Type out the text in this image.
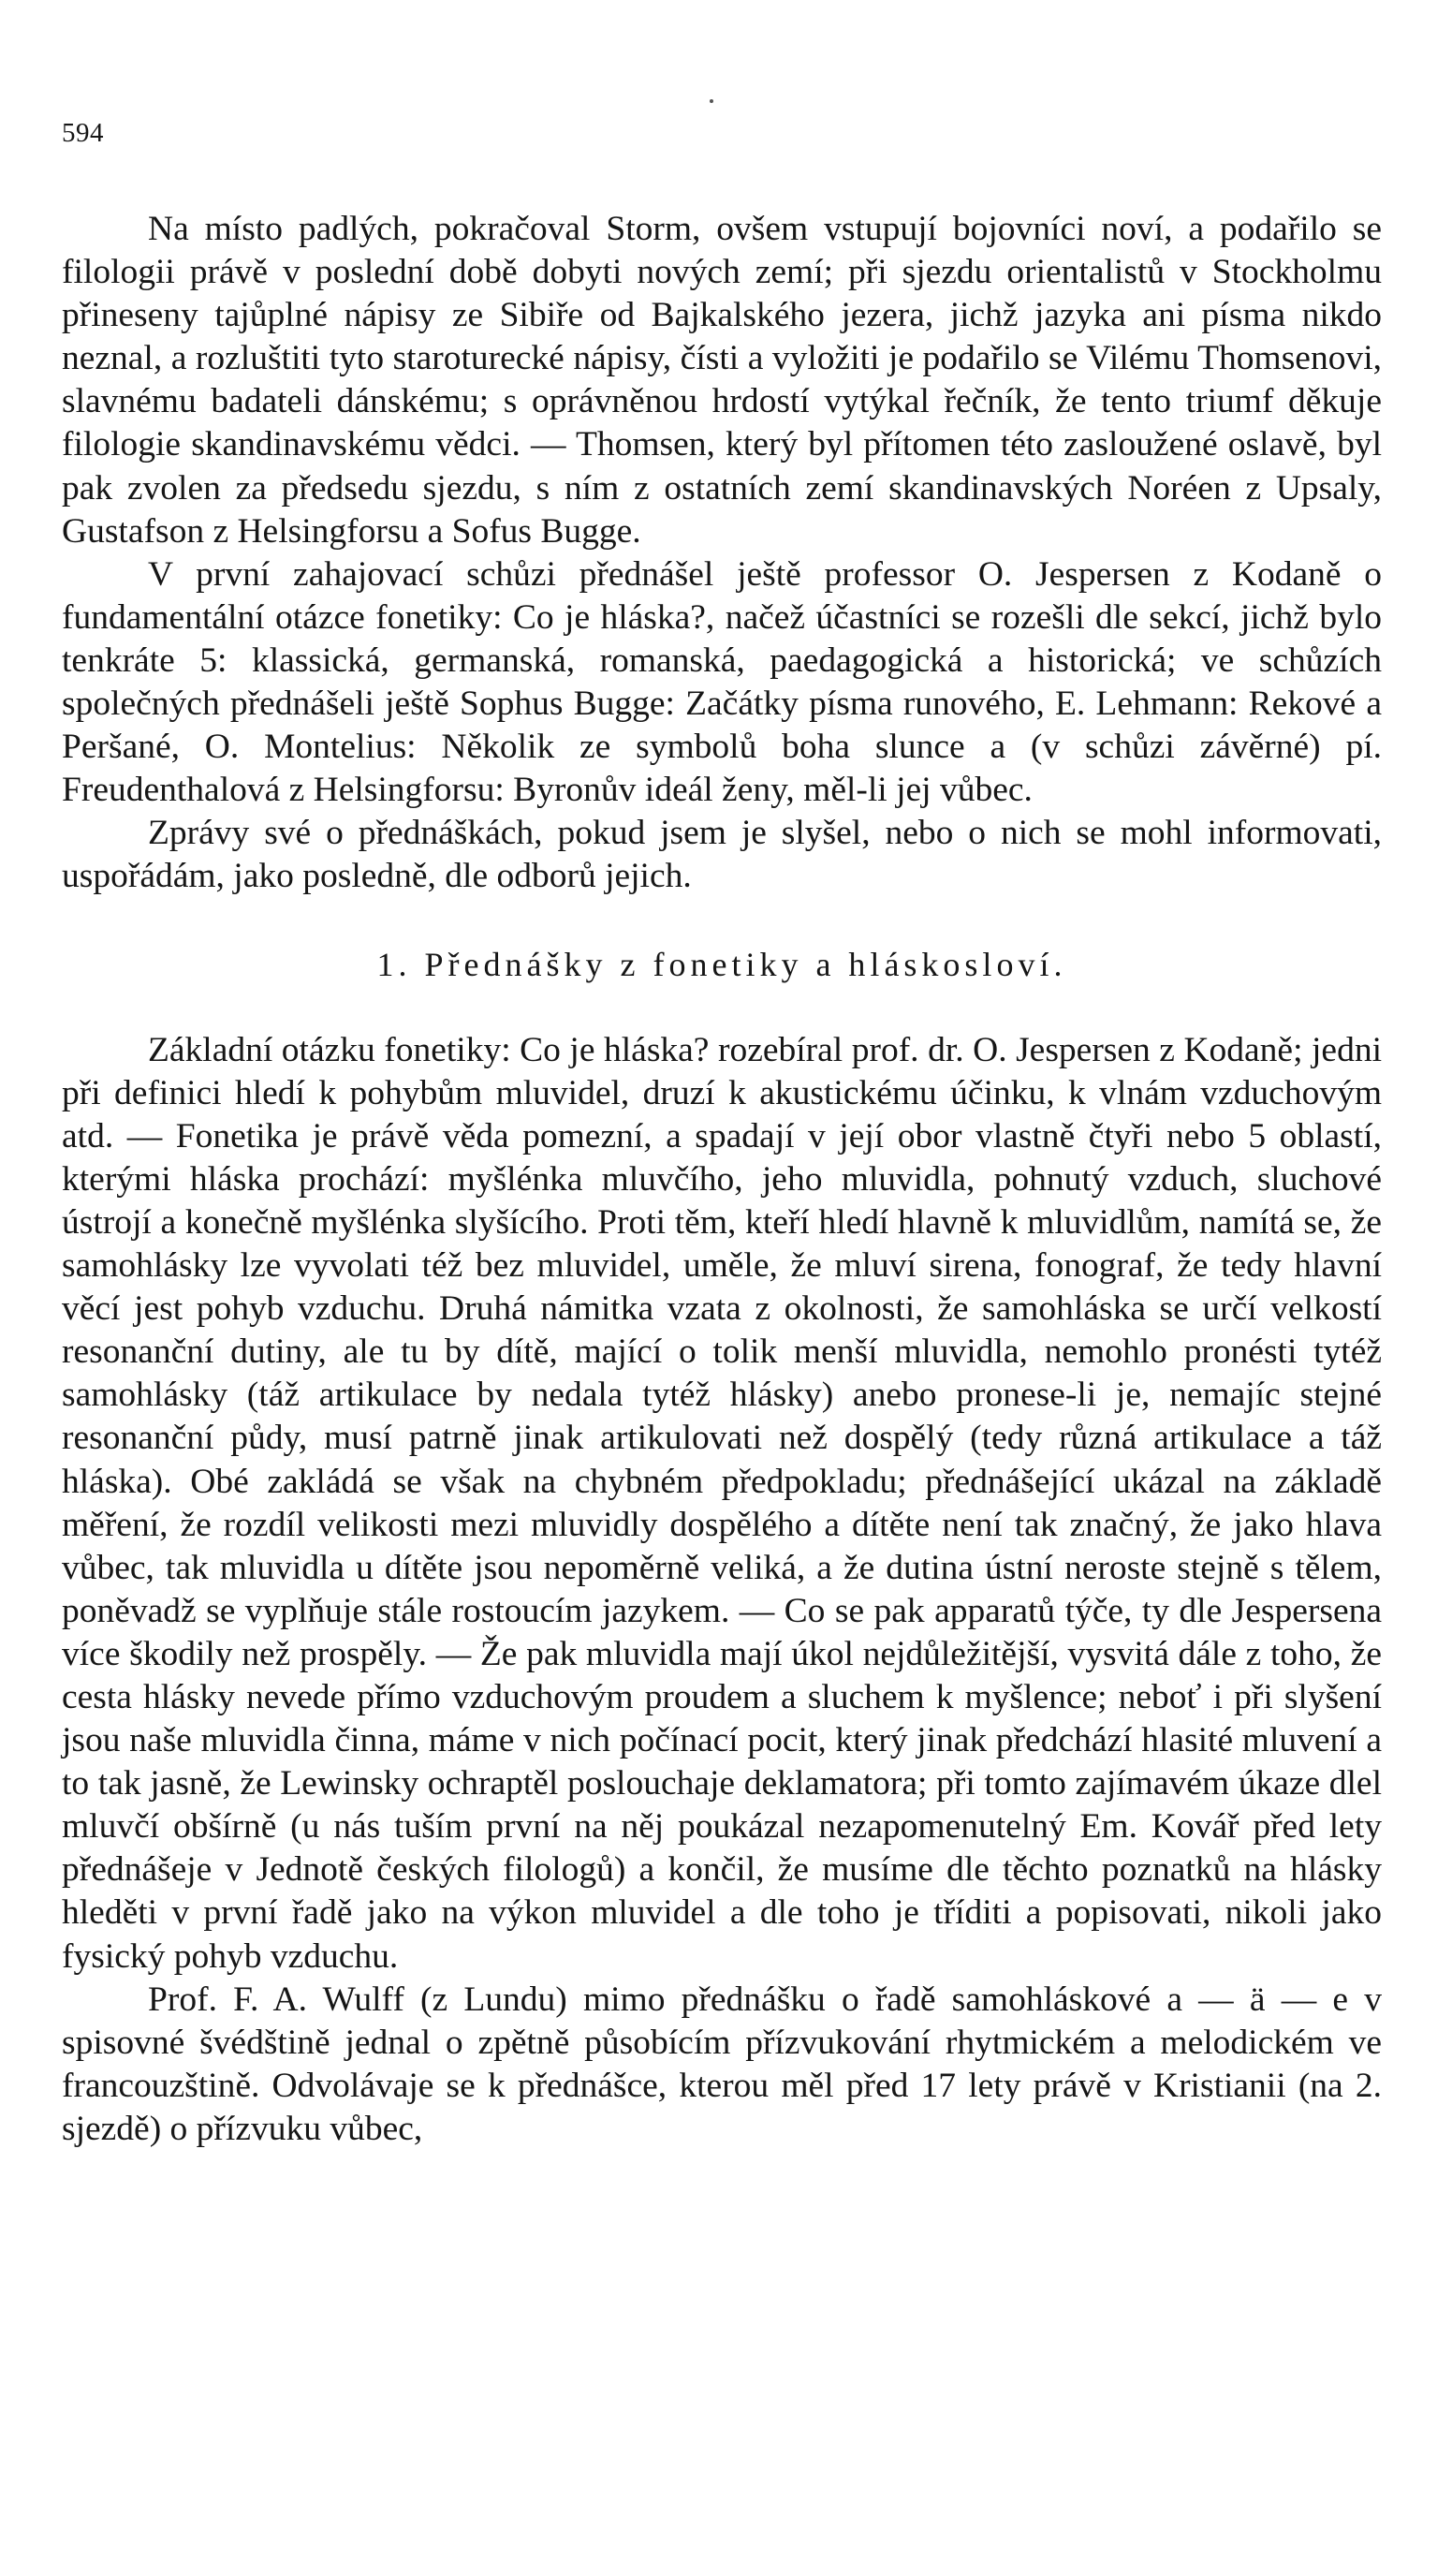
594

Na místo padlých, pokračoval Storm, ovšem vstupují bojovníci noví, a podařilo se filologii právě v poslední době dobyti nových zemí; při sjezdu orientalistů v Stockholmu přineseny tajůplné nápisy ze Sibiře od Bajkalského jezera, jichž jazyka ani písma nikdo neznal, a rozluštiti tyto staroturecké nápisy, čísti a vyložiti je podařilo se Vilému Thomsenovi, slavnému badateli dánskému; s oprávněnou hrdostí vytýkal řečník, že tento triumf děkuje filologie skandinavskému vědci. — Thomsen, který byl přítomen této zasloužené oslavě, byl pak zvolen za předsedu sjezdu, s ním z ostatních zemí skandinavských Noréen z Upsaly, Gustafson z Helsingforsu a Sofus Bugge.

V první zahajovací schůzi přednášel ještě professor O. Jespersen z Kodaně o fundamentální otázce fonetiky: Co je hláska?, načež účastníci se rozešli dle sekcí, jichž bylo tenkráte 5: klassická, germanská, romanská, paedagogická a historická; ve schůzích společných přednášeli ještě Sophus Bugge: Začátky písma runového, E. Lehmann: Rekové a Peršané, O. Montelius: Několik ze symbolů boha slunce a (v schůzi závěrné) pí. Freudenthalová z Helsingforsu: Byronův ideál ženy, měl-li jej vůbec.

Zprávy své o přednáškách, pokud jsem je slyšel, nebo o nich se mohl informovati, uspořádám, jako posledně, dle odborů jejich.

1. Přednášky z fonetiky a hláskosloví.

Základní otázku fonetiky: Co je hláska? rozebíral prof. dr. O. Jespersen z Kodaně; jedni při definici hledí k pohybům mluvidel, druzí k akustickému účinku, k vlnám vzduchovým atd. — Fonetika je právě věda pomezní, a spadají v její obor vlastně čtyři nebo 5 oblastí, kterými hláska prochází: myšlénka mluvčího, jeho mluvidla, pohnutý vzduch, sluchové ústrojí a konečně myšlénka slyšícího. Proti těm, kteří hledí hlavně k mluvidlům, namítá se, že samohlásky lze vyvolati též bez mluvidel, uměle, že mluví sirena, fonograf, že tedy hlavní věcí jest pohyb vzduchu. Druhá námitka vzata z okolnosti, že samohláska se určí velkostí resonanční dutiny, ale tu by dítě, mající o tolik menší mluvidla, nemohlo pronésti tytéž samohlásky (táž artikulace by nedala tytéž hlásky) anebo pronese-li je, nemajíc stejné resonanční půdy, musí patrně jinak artikulovati než dospělý (tedy různá artikulace a táž hláska). Obé zakládá se však na chybném předpokladu; přednášející ukázal na základě měření, že rozdíl velikosti mezi mluvidly dospělého a dítěte není tak značný, že jako hlava vůbec, tak mluvidla u dítěte jsou nepoměrně veliká, a že dutina ústní neroste stejně s tělem, poněvadž se vyplňuje stále rostoucím jazykem. — Co se pak apparatů týče, ty dle Jespersena více škodily než prospěly. — Že pak mluvidla mají úkol nejdůležitější, vysvitá dále z toho, že cesta hlásky nevede přímo vzduchovým proudem a sluchem k myšlence; neboť i při slyšení jsou naše mluvidla činna, máme v nich počínací pocit, který jinak předchází hlasité mluvení a to tak jasně, že Lewinsky ochraptěl poslouchaje deklamatora; při tomto zajímavém úkaze dlel mluvčí obšírně (u nás tuším první na něj poukázal nezapomenutelný Em. Kovář před lety přednášeje v Jednotě českých filologů) a končil, že musíme dle těchto poznatků na hlásky hleděti v první řadě jako na výkon mluvidel a dle toho je tříditi a popisovati, nikoli jako fysický pohyb vzduchu.

Prof. F. A. Wulff (z Lundu) mimo přednášku o řadě samohláskové a — ä — e v spisovné švédštině jednal o zpětně působícím přízvukování rhytmickém a melodickém ve francouzštině. Odvolávaje se k přednášce, kterou měl před 17 lety právě v Kristianii (na 2. sjezdě) o přízvuku vůbec,
